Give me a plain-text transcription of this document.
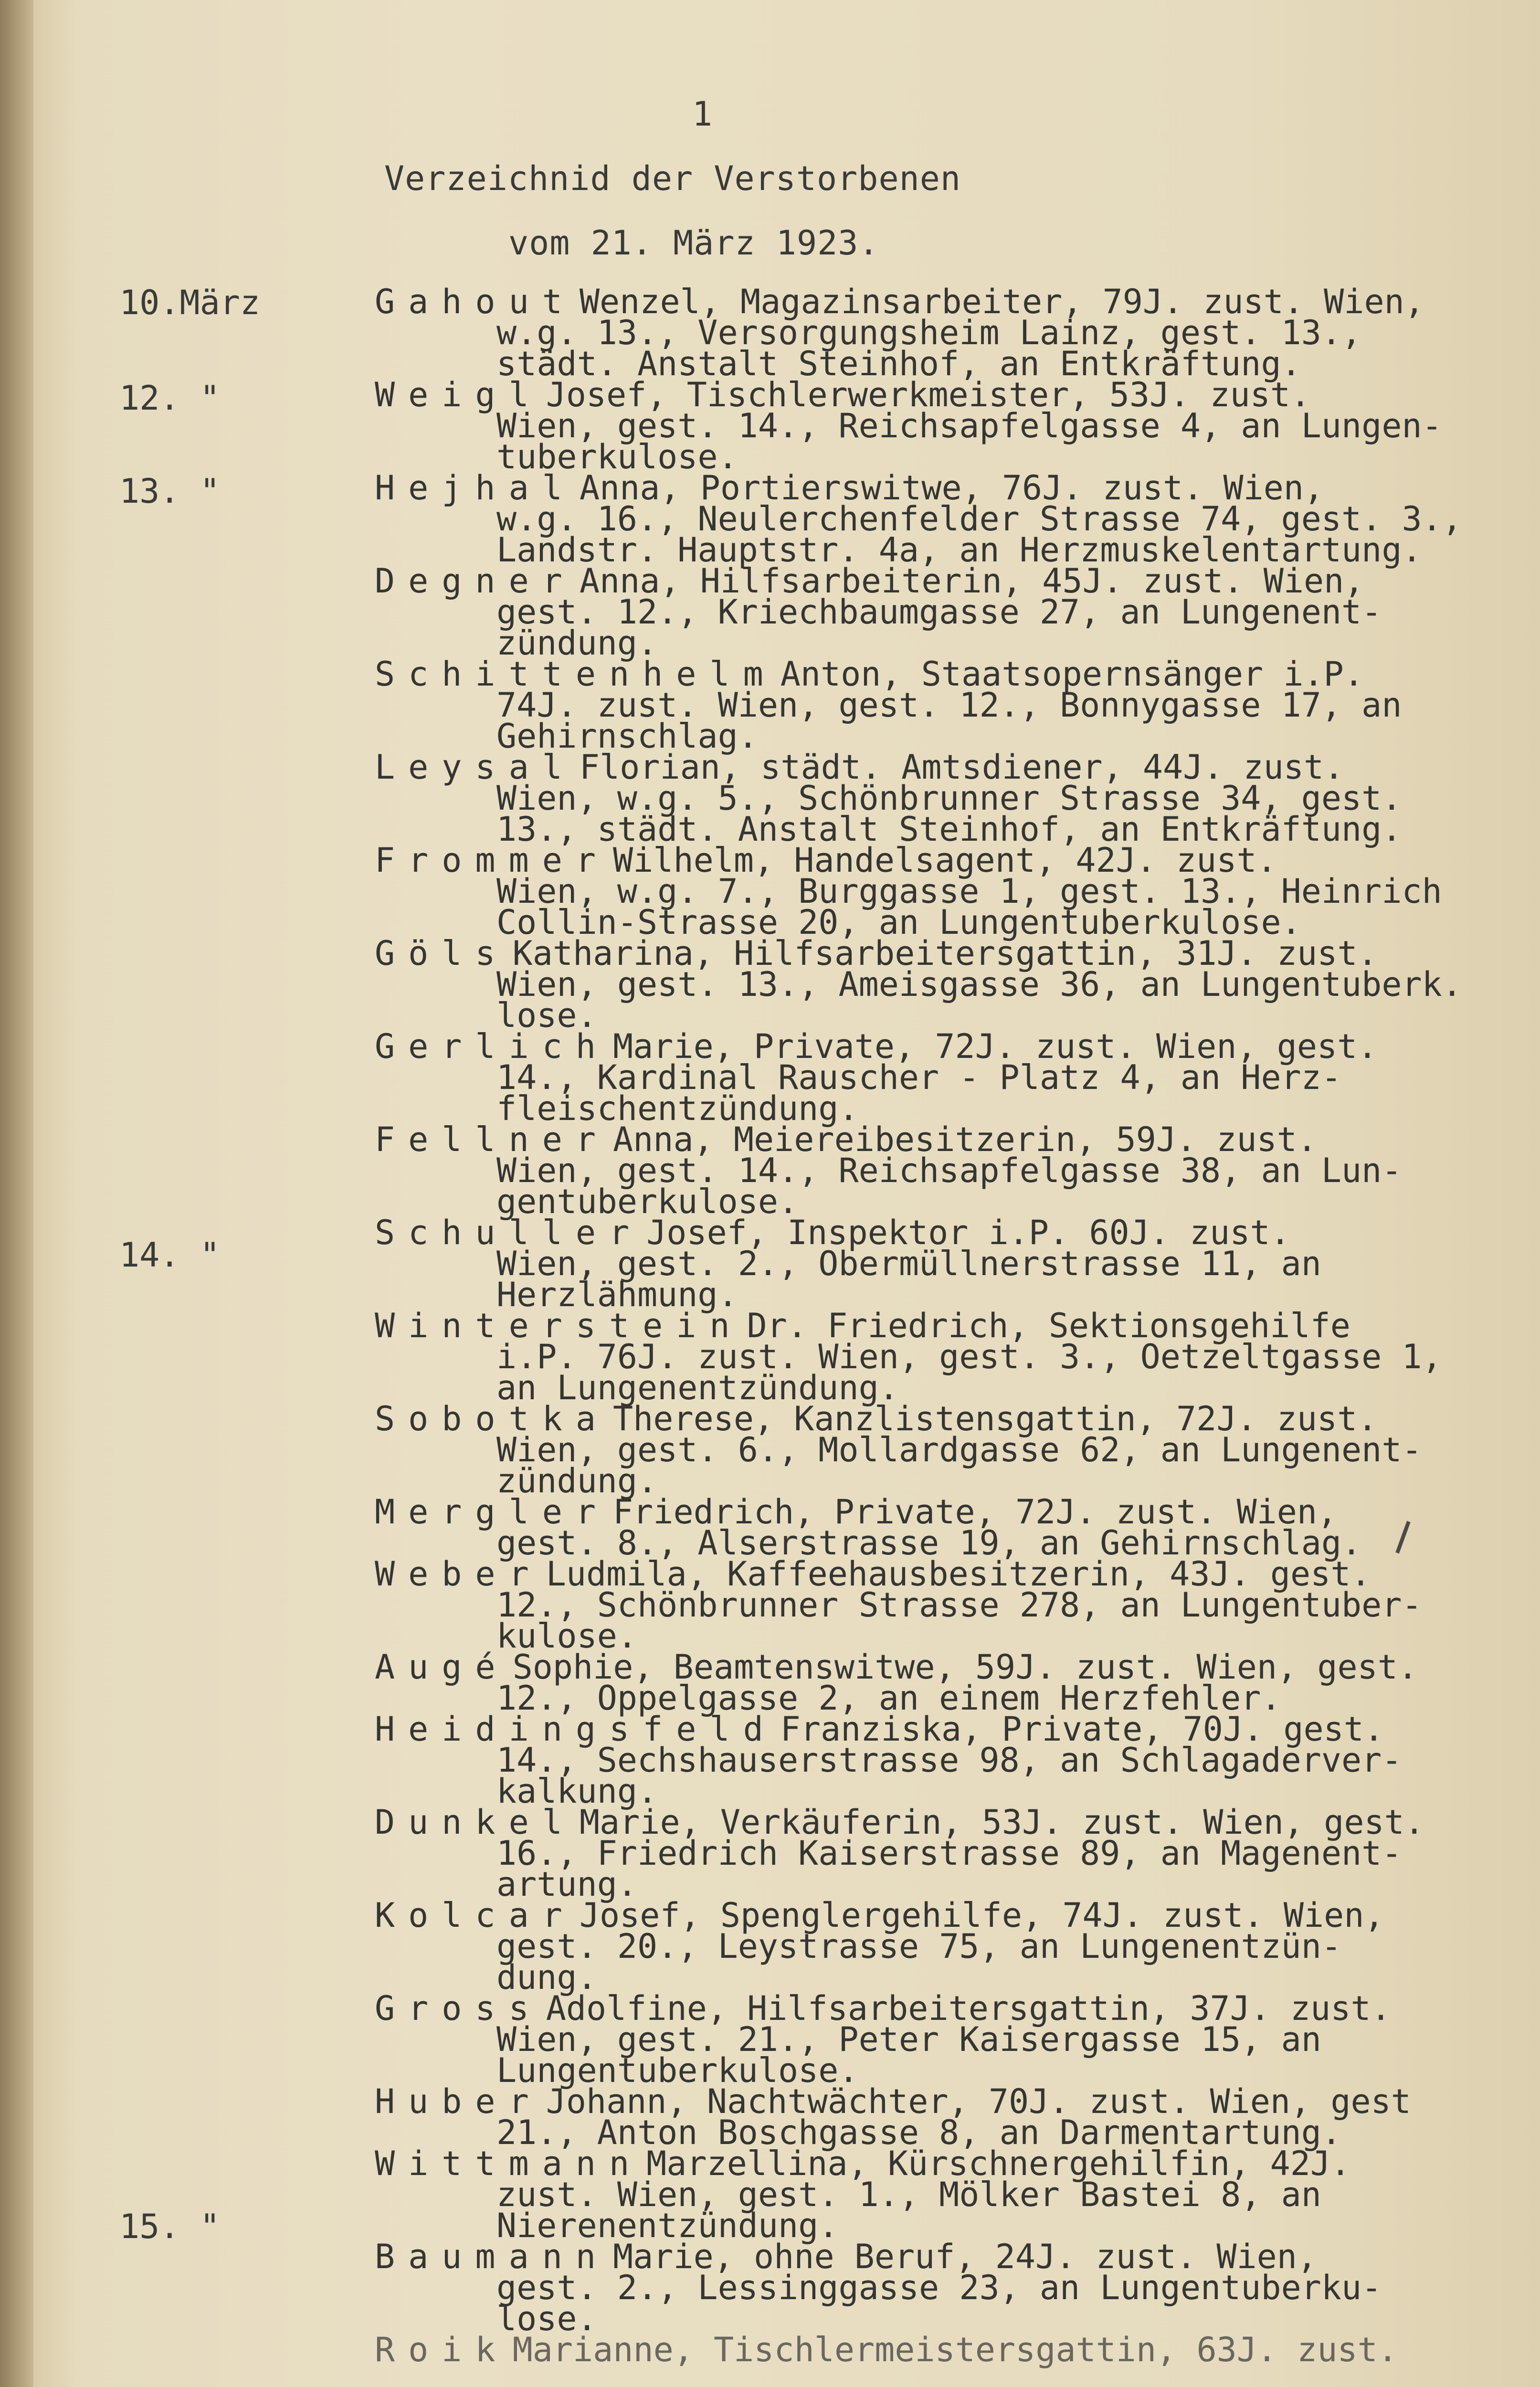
1
Verzeichnid der Verstorbenen
vom 21. März 1923.
10.März
12. "
13. "
14. "
15. "
Gahout Wenzel, Magazinsarbeiter, 79J. zust. Wien,
w.g. 13., Versorgungsheim Lainz, gest. 13.,
städt. Anstalt Steinhof, an Entkräftung.
Weigl Josef, Tischlerwerkmeister, 53J. zust.
Wien, gest. 14., Reichsapfelgasse 4, an Lungen-
tuberkulose.
Hejhal Anna, Portierswitwe, 76J. zust. Wien,
w.g. 16., Neulerchenfelder Strasse 74, gest. 3.,
Landstr. Hauptstr. 4a, an Herzmuskelentartung.
Degner Anna, Hilfsarbeiterin, 45J. zust. Wien,
gest. 12., Kriechbaumgasse 27, an Lungenent-
zündung.
Schittenhelm Anton, Staatsopernsänger i.P.
74J. zust. Wien, gest. 12., Bonnygasse 17, an
Gehirnschlag.
Leysal Florian, städt. Amtsdiener, 44J. zust.
Wien, w.g. 5., Schönbrunner Strasse 34, gest.
13., städt. Anstalt Steinhof, an Entkräftung.
Frommer Wilhelm, Handelsagent, 42J. zust.
Wien, w.g. 7., Burggasse 1, gest. 13., Heinrich
Collin-Strasse 20, an Lungentuberkulose.
Göls Katharina, Hilfsarbeitersgattin, 31J. zust.
Wien, gest. 13., Ameisgasse 36, an Lungentuberk.
lose.
Gerlich Marie, Private, 72J. zust. Wien, gest.
14., Kardinal Rauscher - Platz 4, an Herz-
fleischentzündung.
Fellner Anna, Meiereibesitzerin, 59J. zust.
Wien, gest. 14., Reichsapfelgasse 38, an Lun-
gentuberkulose.
Schuller Josef, Inspektor i.P. 60J. zust.
Wien, gest. 2., Obermüllnerstrasse 11, an
Herzlähmung.
Winterstein Dr. Friedrich, Sektionsgehilfe
i.P. 76J. zust. Wien, gest. 3., Oetzeltgasse 1,
an Lungenentzündung.
Sobotka Therese, Kanzlistensgattin, 72J. zust.
Wien, gest. 6., Mollardgasse 62, an Lungenent-
zündung.
Mergler Friedrich, Private, 72J. zust. Wien,
gest. 8., Alserstrasse 19, an Gehirnschlag.
Weber Ludmila, Kaffeehausbesitzerin, 43J. gest.
12., Schönbrunner Strasse 278, an Lungentuber-
kulose.
Augé Sophie, Beamtenswitwe, 59J. zust. Wien, gest.
12., Oppelgasse 2, an einem Herzfehler.
Heidingsfeld Franziska, Private, 70J. gest.
14., Sechshauserstrasse 98, an Schlagaderver-
kalkung.
Dunkel Marie, Verkäuferin, 53J. zust. Wien, gest.
16., Friedrich Kaiserstrasse 89, an Magenent-
artung.
Kolcar Josef, Spenglergehilfe, 74J. zust. Wien,
gest. 20., Leystrasse 75, an Lungenentzün-
dung.
Gross Adolfine, Hilfsarbeitersgattin, 37J. zust.
Wien, gest. 21., Peter Kaisergasse 15, an
Lungentuberkulose.
Huber Johann, Nachtwächter, 70J. zust. Wien, gest
21., Anton Boschgasse 8, an Darmentartung.
Wittmann Marzellina, Kürschnergehilfin, 42J.
zust. Wien, gest. 1., Mölker Bastei 8, an
Nierenentzündung.
Baumann Marie, ohne Beruf, 24J. zust. Wien,
gest. 2., Lessinggasse 23, an Lungentuberku-
lose.
Roik Marianne, Tischlermeistersgattin, 63J. zust.
